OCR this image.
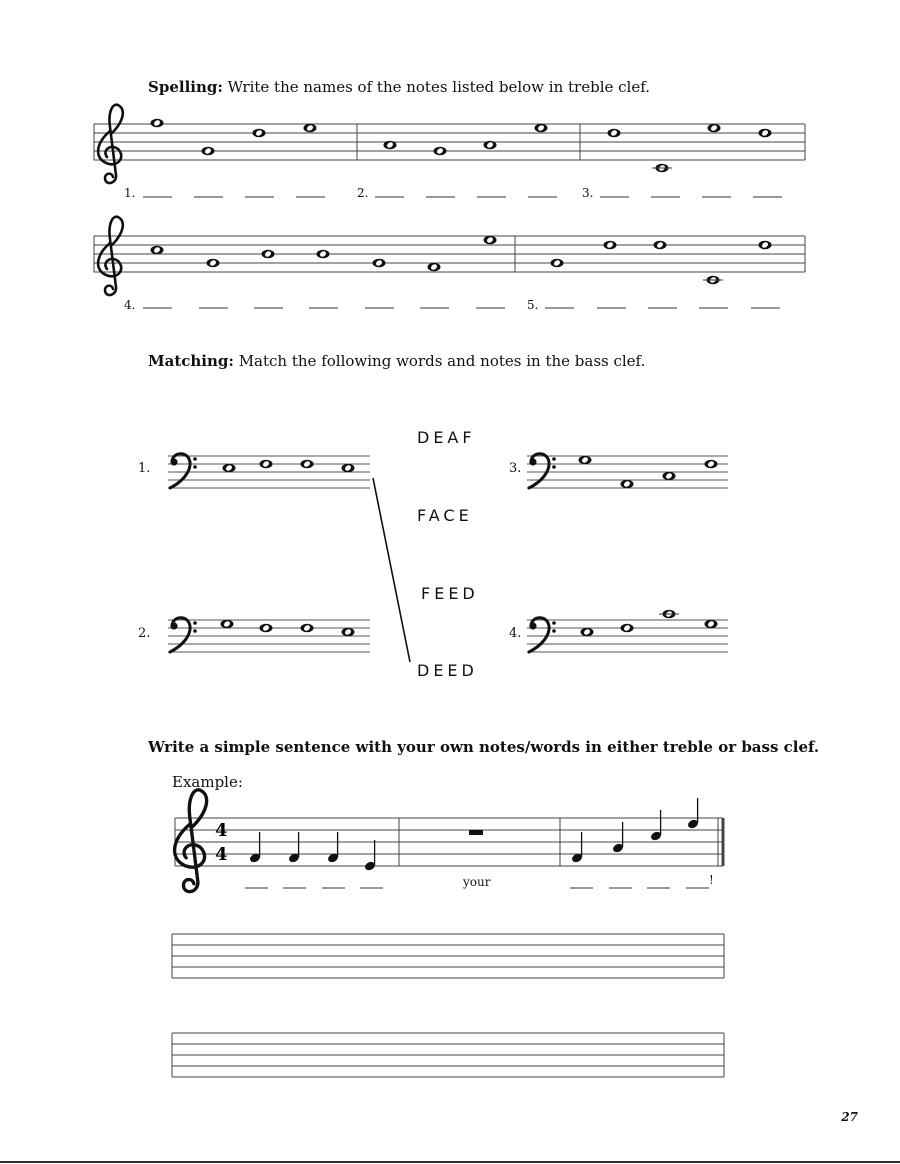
Spelling: Write the names of the notes listed below in treble clef.
Matching: Match the following words and notes in the bass clef.
Write a simple sentence with your own notes/words in either treble or bass clef.
Example:
1.	2.	3.
4.	5.
DEAF
FACE
FEED
DEED
1.
2.
3.
4.
your	!
27
4
4
